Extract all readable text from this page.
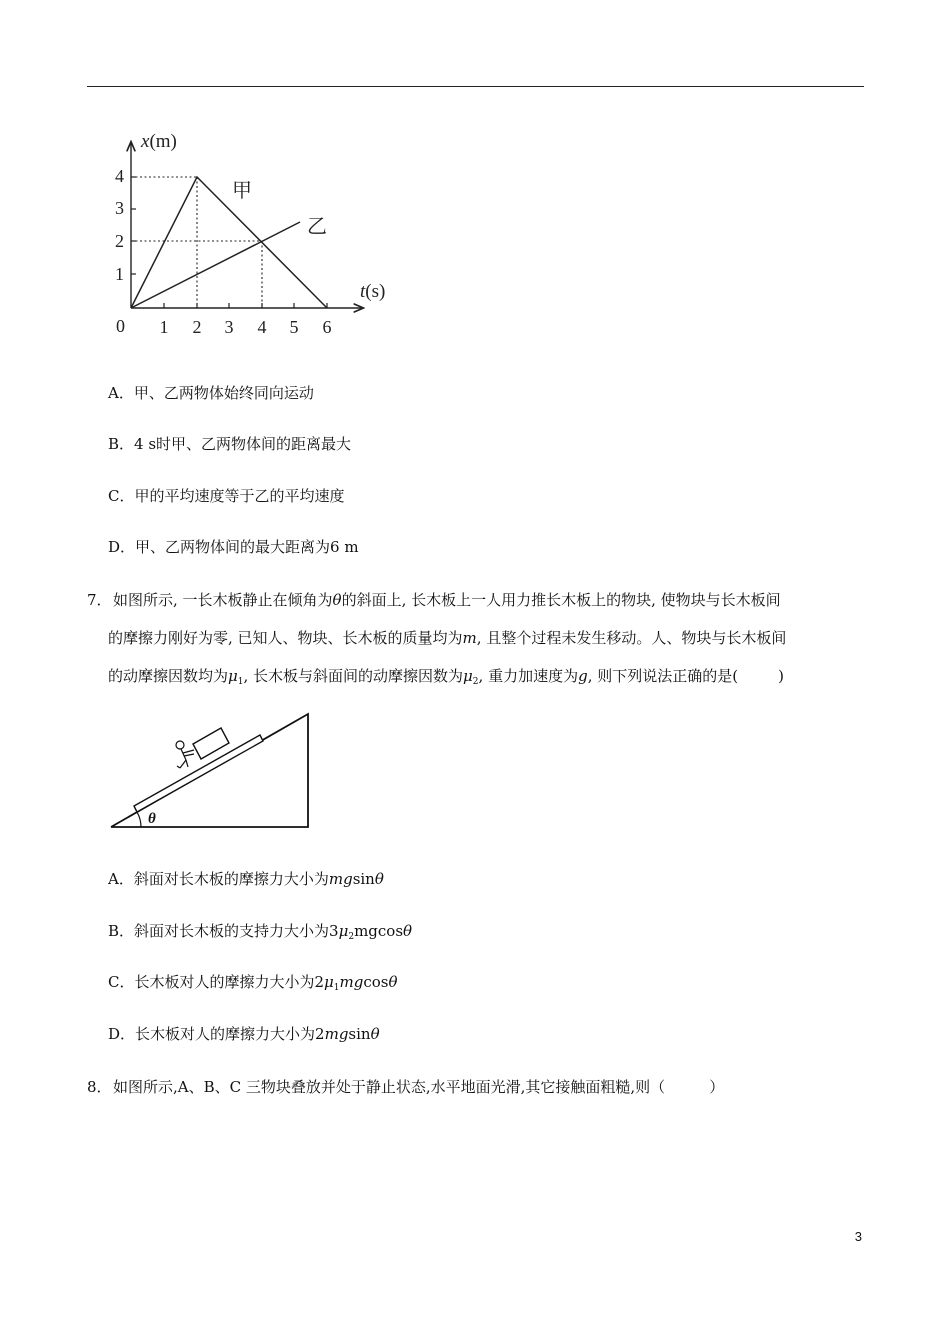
x(m)
t(s)
0
1
2
3
4
1 2 3 4 5 6
甲
乙
A．甲、乙两物体始终同向运动
B．4 s时甲、乙两物体间的距离最大
C．甲的平均速度等于乙的平均速度
D．甲、乙两物体间的最大距离为6 m
7． 如图所示, 一长木板静止在倾角为θ的斜面上, 长木板上一人用力推长木板上的物块, 使物块与长木板间
的摩擦力刚好为零, 已知人、物块、长木板的质量均为m, 且整个过程未发生移动。人、物块与长木板间
的动摩擦因数均为$\mu_1$, 长木板与斜面间的动摩擦因数为$\mu_2$, 重力加速度为g, 则下列说法正确的是(	)
θ
A．斜面对长木板的摩擦力大小为mgsinθ
B．斜面对长木板的支持力大小为$3\mu_2mgcos\theta$
C．长木板对人的摩擦力大小为$2\mu_1mgcos\theta$
D．长木板对人的摩擦力大小为2mgsinθ
8． 如图所示,A、B、C 三物块叠放并处于静止状态,水平地面光滑,其它接触面粗糙,则（	）
3
